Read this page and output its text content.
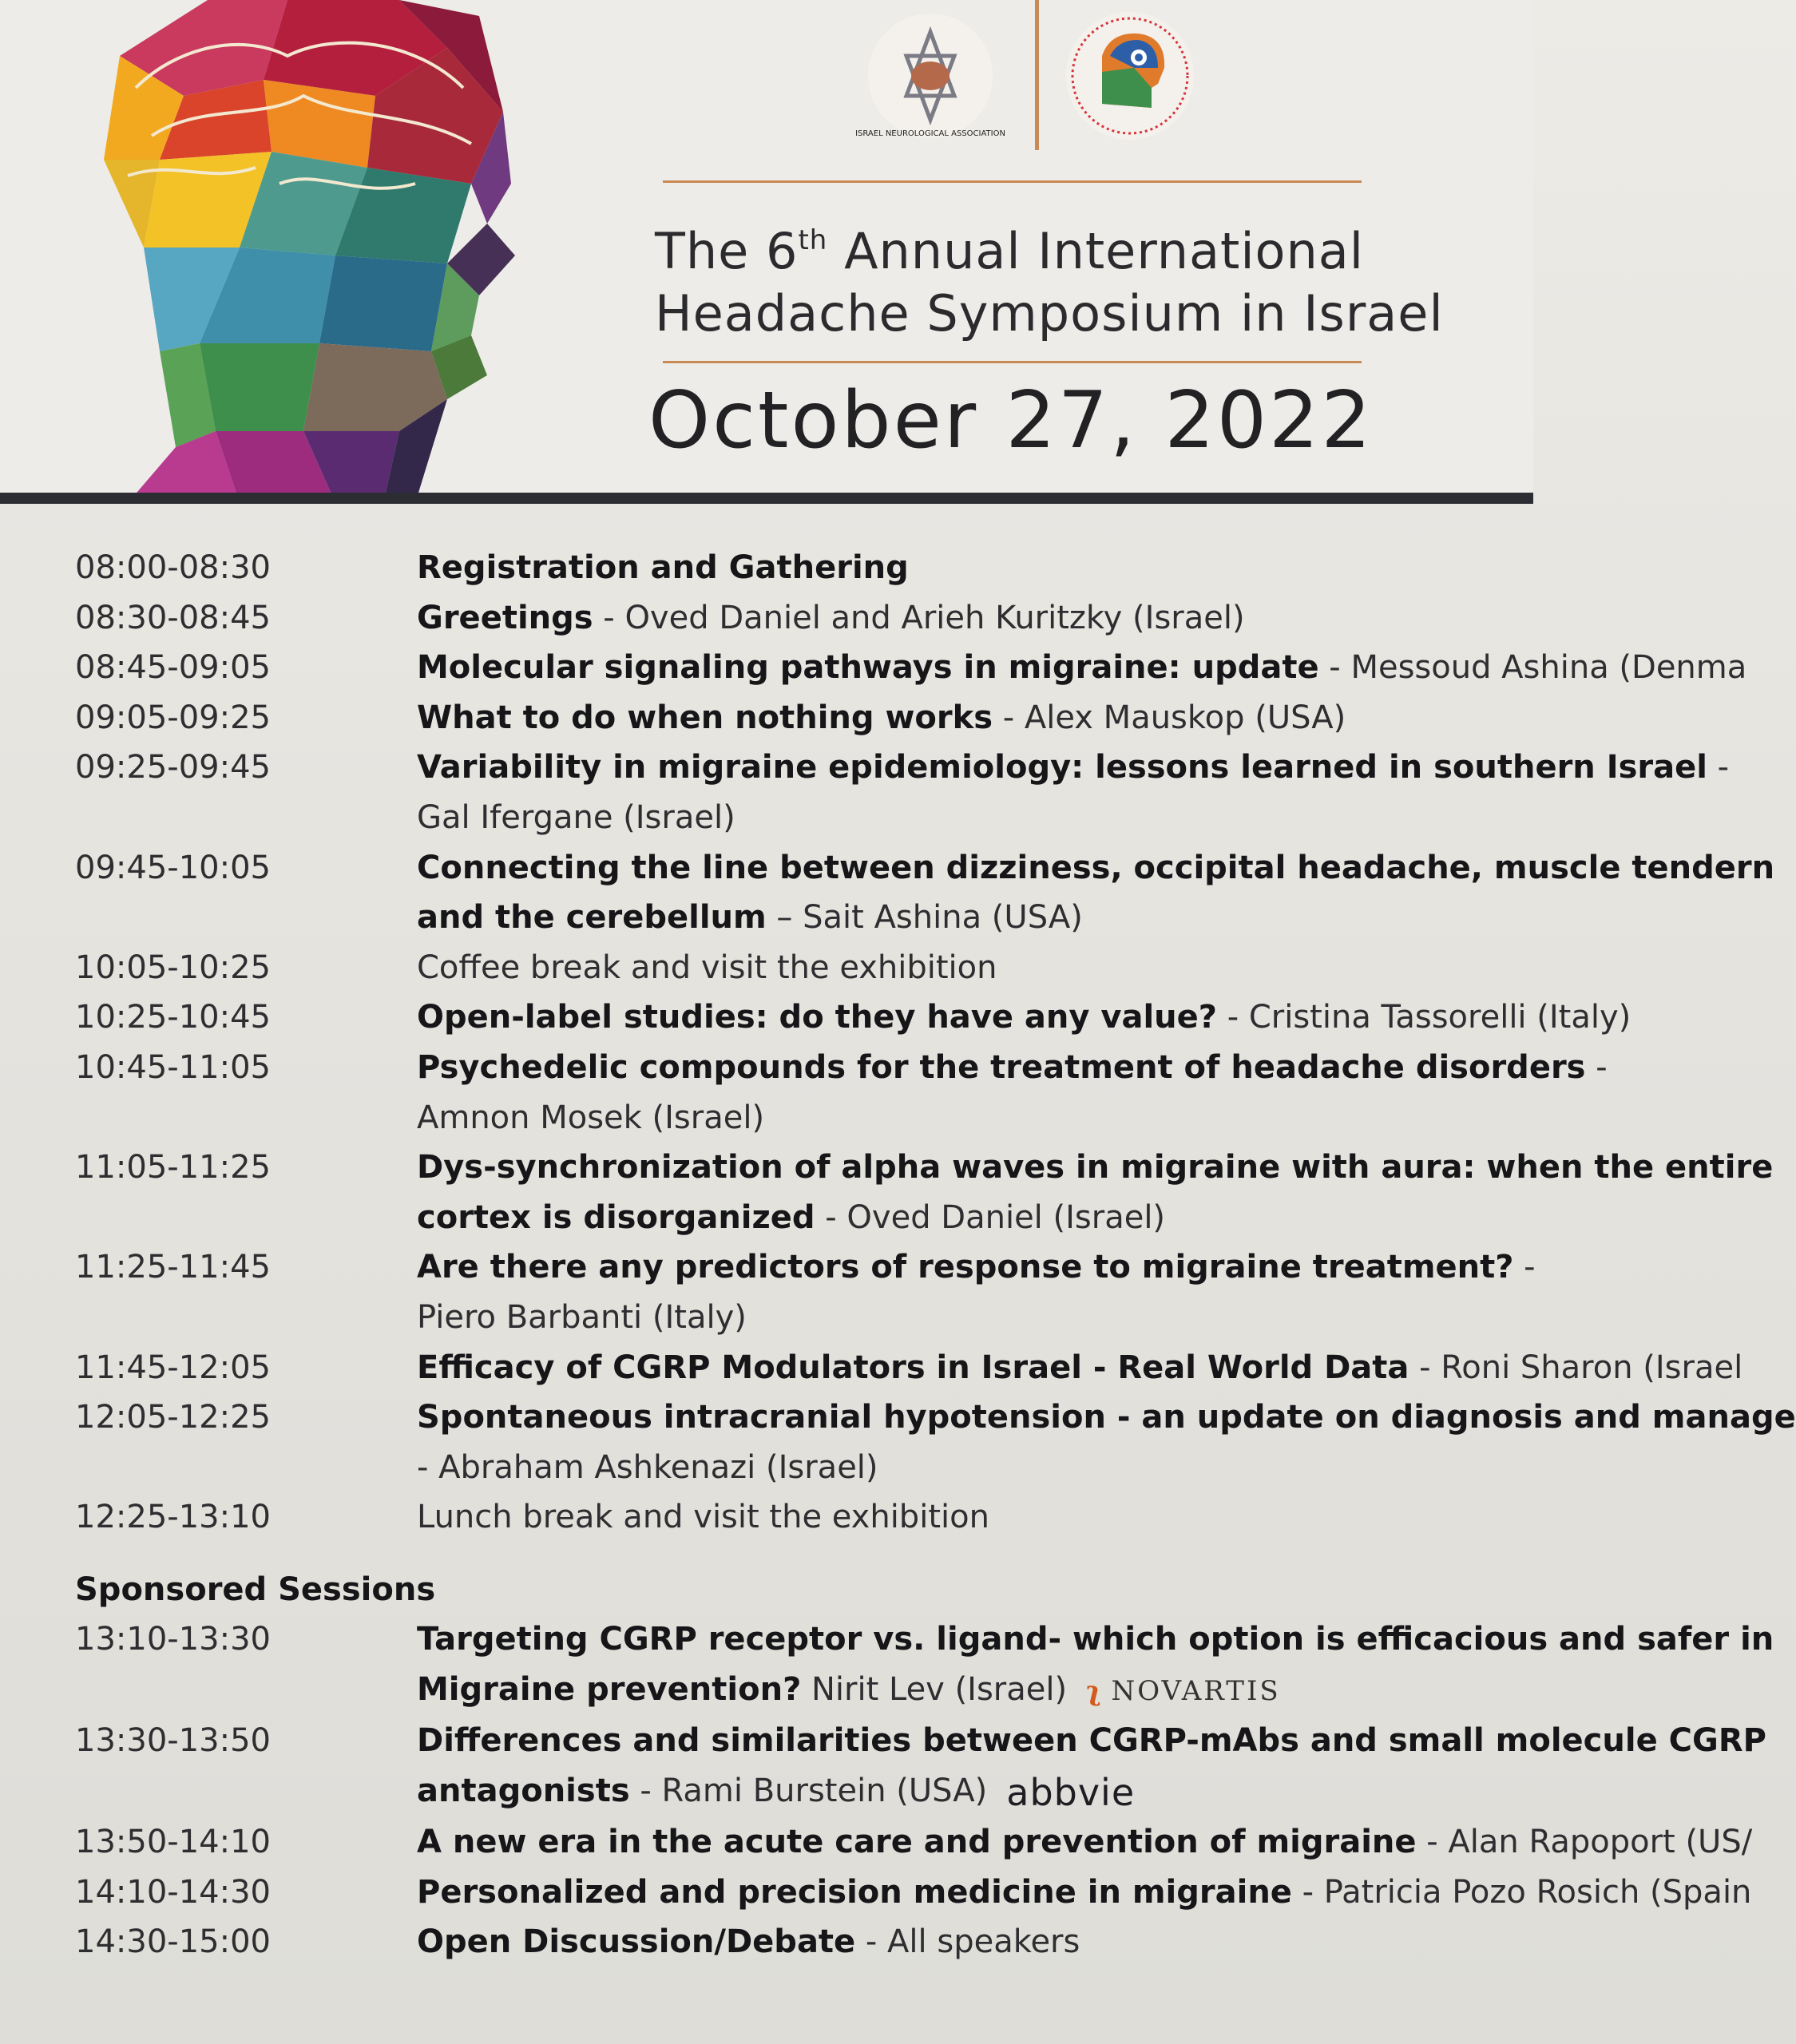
ISRAEL NEUROLOGICAL ASSOCIATION
The 6th Annual International
Headache Symposium in Israel
October 27, 2022
08:00-08:30	Registration and Gathering
08:30-08:45	Greetings - Oved Daniel and Arieh Kuritzky (Israel)
08:45-09:05	Molecular signaling pathways in migraine: update - Messoud Ashina (Denma
09:05-09:25	What to do when nothing works - Alex Mauskop (USA)
09:25-09:45	Variability in migraine epidemiology: lessons learned in southern Israel -
Gal Ifergane (Israel)
09:45-10:05	Connecting the line between dizziness, occipital headache, muscle tendern
and the cerebellum – Sait Ashina (USA)
10:05-10:25	Coffee break and visit the exhibition
10:25-10:45	Open-label studies: do they have any value? - Cristina Tassorelli (Italy)
10:45-11:05	Psychedelic compounds for the treatment of headache disorders -
Amnon Mosek (Israel)
11:05-11:25	Dys-synchronization of alpha waves in migraine with aura: when the entire
cortex is disorganized - Oved Daniel (Israel)
11:25-11:45	Are there any predictors of response to migraine treatment? -
Piero Barbanti (Italy)
11:45-12:05	Efficacy of CGRP Modulators in Israel - Real World Data - Roni Sharon (Israel
12:05-12:25	Spontaneous intracranial hypotension - an update on diagnosis and manage
- Abraham Ashkenazi (Israel)
12:25-13:10	Lunch break and visit the exhibition
Sponsored Sessions
13:10-13:30	Targeting CGRP receptor vs. ligand- which option is efficacious and safer in
Migraine prevention? Nirit Lev (Israel) ʅ NOVARTIS
13:30-13:50	Differences and similarities between CGRP-mAbs and small molecule CGRP
antagonists - Rami Burstein (USA) abbvie
13:50-14:10	A new era in the acute care and prevention of migraine - Alan Rapoport (US/
14:10-14:30	Personalized and precision medicine in migraine - Patricia Pozo Rosich (Spain
14:30-15:00	Open Discussion/Debate - All speakers
